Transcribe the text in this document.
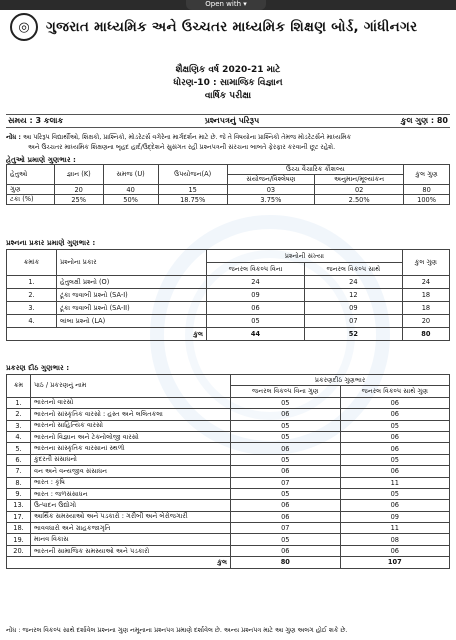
Open with ▾
◎	ગુજરાત માધ્યમિક અને ઉચ્ચતર માધ્યમિક શિક્ષણ બોર્ડ, ગાંધીનગર
શૈક્ષણિક વર્ષ 2020-21 માટે
ધોરણ-10 : સામાજિક વિજ્ઞાન
વાર્ષિક પરીક્ષા
સમય : 3 કલાક	પ્રશ્નપત્રનું પરિરૂપ	કુલ ગુણ : 80
નોંધ : આ પરિરૂપ વિદ્યાર્થીઓ, શિક્ષકો, પ્રાશ્નિકો, મોડરેટર્સ વગેરેના માર્ગદર્શન માટે છે. જે તે વિષયોના પ્રાશ્નિકો તેમજ મોડરેટર્સને માધ્યમિક
અને ઉચ્ચતર માધ્યમિક શિક્ષણના બૃહદ હાર્દ/ઉદ્દેશને સુસંગત રહી પ્રશ્નપત્રની સંરચના બાબતે ફેરફાર કરવાની છૂટ રહેશે.
હેતુઓ પ્રમાણે ગુણભાર :
હેતુઓ	જ્ઞાન (K)	સમજ (U)	ઉપયોજન(A)	ઉચ્ચ વૈચારિક કૌશલ્ય		કુલ ગુણ
				સંયોજન/વિશ્લેષણ	અનુમાન/મૂલ્યાંકન	
ગુણ	20	40	15	03	02	80
ટકા (%)	25%	50%	18.75%	3.75%	2.50%	100%
પ્રશ્નના પ્રકાર પ્રમાણે ગુણભાર :
ક્રમાંક	પ્રશ્નોના પ્રકાર	પ્રશ્નોની સંખ્યા		કુલ ગુણ
		જનરલ વિકલ્પ વિના	જનરલ વિકલ્પ સાથે	
1.	હેતુલક્ષી પ્રશ્નો (O)	24	24	24
2.	ટૂંકા જવાબી પ્રશ્નો (SA-I)	09	12	18
3.	ટૂંકા જવાબી પ્રશ્નો (SA-II)	06	09	18
4.	લાંબા પ્રશ્નો (LA)	05	07	20
કુલ		44	52	80
પ્રકરણ દીઠ ગુણભાર :
ક્રમ	પાઠ / પ્રકરણનું નામ	પ્રકરણદીઠ ગુણભાર	
		જનરલ વિકલ્પ વિના ગુણ	જનરલ વિકલ્પ સાથે ગુણ
1.	ભારતનો વારસો	05	06
2.	ભારતનો સાંસ્કૃતિક વારસો : હસ્ત અને લલિતકલા	06	06
3.	ભારતનો સાહિત્યિક વારસો	05	05
4.	ભારતનો વિજ્ઞાન અને ટેક્નોલોજી વારસો	05	06
5.	ભારતના સાંસ્કૃતિક વારસાનાં સ્થળો	06	06
6.	કુદરતી સંસાધનો	05	05
7.	વન અને વન્યજીવ સંસાધન	06	06
8.	ભારત : કૃષિ	07	11
9.	ભારત : જળસંસાધન	05	05
13.	ઉત્પાદન ઉદ્યોગો	06	06
17.	આર્થિક સમસ્યાઓ અને પડકારો : ગરીબી અને બેરોજગારી	06	09
18.	ભાવવધારો અને ગ્રાહકજાગૃતિ	07	11
19.	માનવ વિકાસ	05	08
20.	ભારતની સામાજિક સમસ્યાઓ અને પડકારો	06	06
કુલ		80	107
નોંધ : જનરલ વિકલ્પ સાથે દર્શાવેલ પ્રશ્નના ગુણ નમૂનાના પ્રશ્નપત્ર પ્રમાણે દર્શાવેલ છે. અન્ય પ્રશ્નપત્ર માટે આ ગુણ અલગ હોઈ શકે છે.
